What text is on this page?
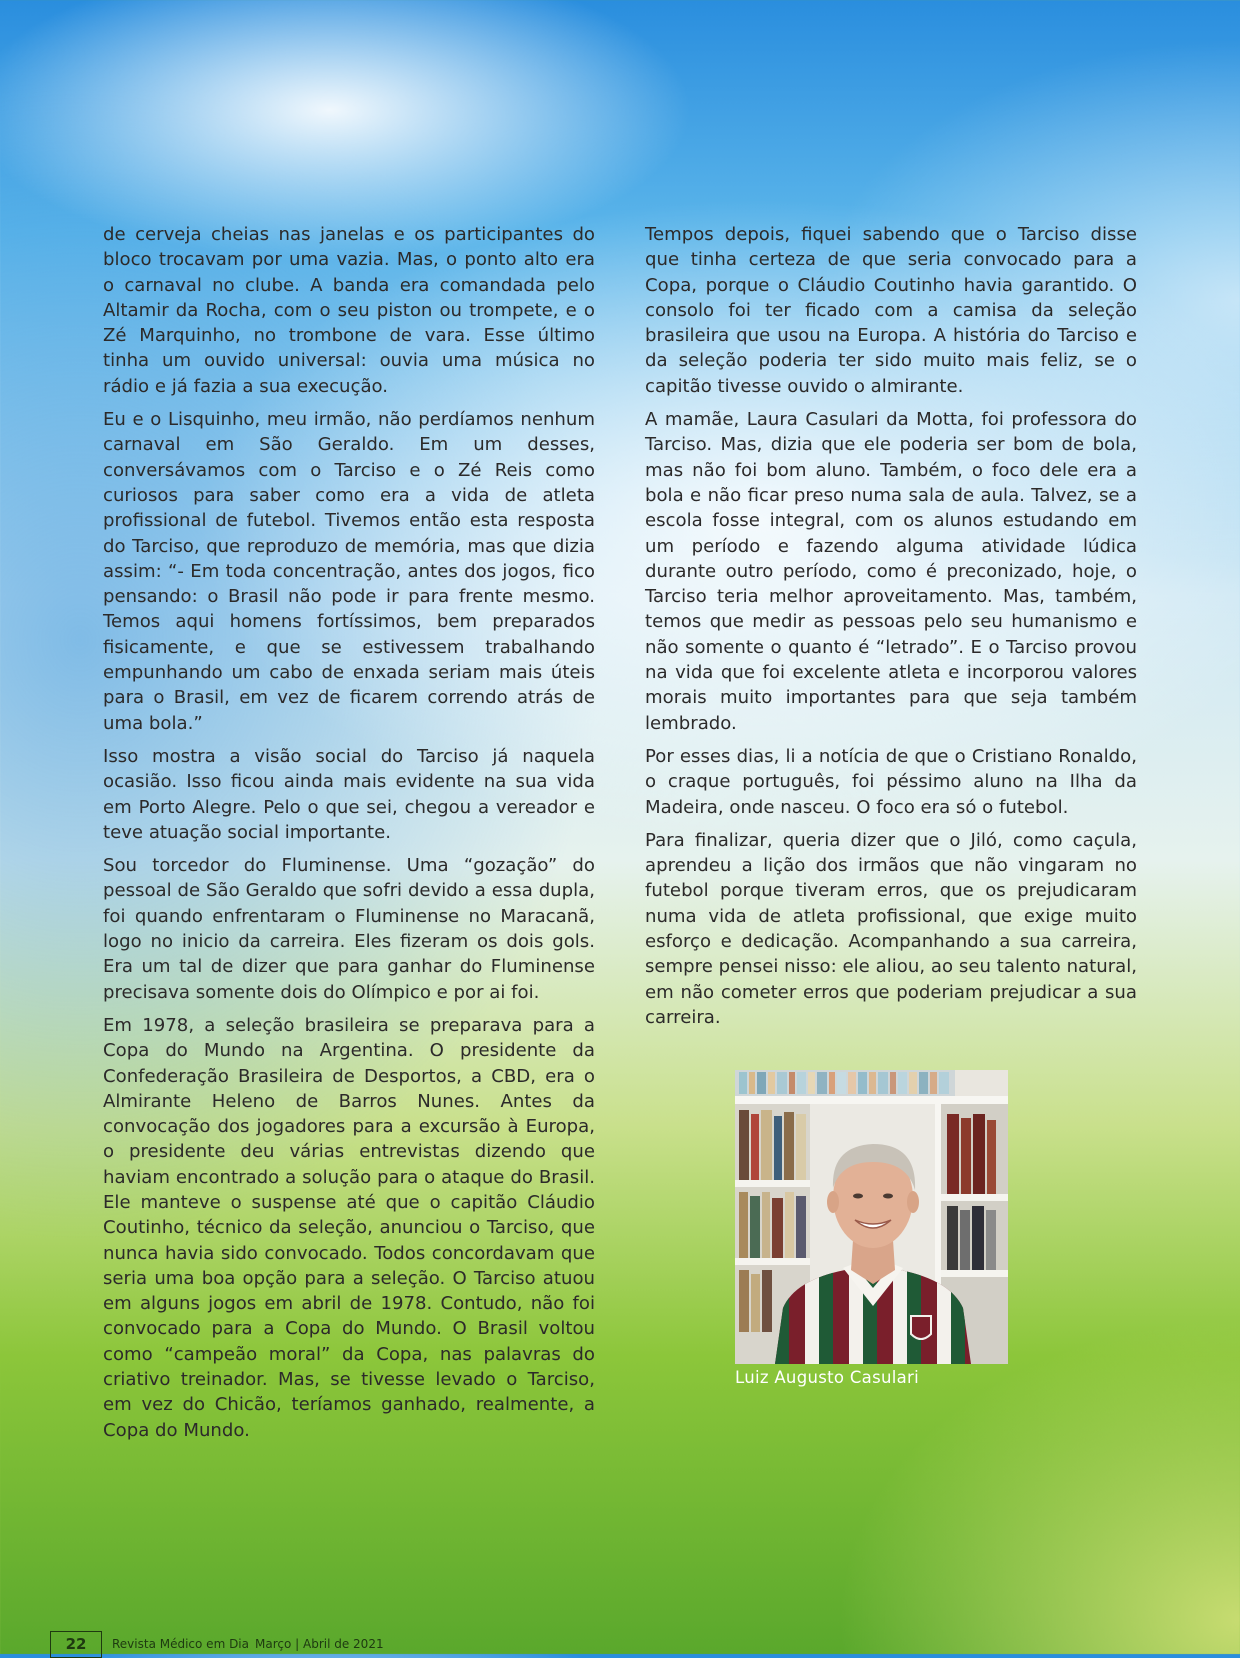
de cerveja cheias nas janelas e os participantes do bloco trocavam por uma vazia. Mas, o ponto alto era o carnaval no clube. A banda era comandada pelo Altamir da Rocha, com o seu piston ou trompete, e o Zé Marquinho, no trombone de vara. Esse último tinha um ouvido universal: ouvia uma música no rádio e já fazia a sua execução.

Eu e o Lisquinho, meu irmão, não perdíamos nenhum carnaval em São Geraldo. Em um desses, conversávamos com o Tarciso e o Zé Reis como curiosos para saber como era a vida de atleta profissional de futebol. Tivemos então esta resposta do Tarciso, que reproduzo de memória, mas que dizia assim: “- Em toda concentração, antes dos jogos, fico pensando: o Brasil não pode ir para frente mesmo. Temos aqui homens fortíssimos, bem preparados fisicamente, e que se estivessem trabalhando empunhando um cabo de enxada seriam mais úteis para o Brasil, em vez de ficarem correndo atrás de uma bola.”

Isso mostra a visão social do Tarciso já naquela ocasião. Isso ficou ainda mais evidente na sua vida em Porto Alegre. Pelo o que sei, chegou a vereador e teve atuação social importante.

Sou torcedor do Fluminense. Uma “gozação” do pessoal de São Geraldo que sofri devido a essa dupla, foi quando enfrentaram o Fluminense no Maracanã, logo no inicio da carreira. Eles fizeram os dois gols. Era um tal de dizer que para ganhar do Fluminense precisava somente dois do Olímpico e por ai foi.

Em 1978, a seleção brasileira se preparava para a Copa do Mundo na Argentina. O presidente da Confederação Brasileira de Desportos, a CBD, era o Almirante Heleno de Barros Nunes. Antes da convocação dos jogadores para a excursão à Europa, o presidente deu várias entrevistas dizendo que haviam encontrado a solução para o ataque do Brasil. Ele manteve o suspense até que o capitão Cláudio Coutinho, técnico da seleção, anunciou o Tarciso, que nunca havia sido convocado. Todos concordavam que seria uma boa opção para a seleção. O Tarciso atuou em alguns jogos em abril de 1978. Contudo, não foi convocado para a Copa do Mundo. O Brasil voltou como “campeão moral” da Copa, nas palavras do criativo treinador. Mas, se tivesse levado o Tarciso, em vez do Chicão, teríamos ganhado, realmente, a Copa do Mundo.

Tempos depois, fiquei sabendo que o Tarciso disse que tinha certeza de que seria convocado para a Copa, porque o Cláudio Coutinho havia garantido. O consolo foi ter ficado com a camisa da seleção brasileira que usou na Europa. A história do Tarciso e da seleção poderia ter sido muito mais feliz, se o capitão tivesse ouvido o almirante.

A mamãe, Laura Casulari da Motta, foi professora do Tarciso. Mas, dizia que ele poderia ser bom de bola, mas não foi bom aluno. Também, o foco dele era a bola e não ficar preso numa sala de aula. Talvez, se a escola fosse integral, com os alunos estudando em um período e fazendo alguma atividade lúdica durante outro período, como é preconizado, hoje, o Tarciso teria melhor aproveitamento. Mas, também, temos que medir as pessoas pelo seu humanismo e não somente o quanto é “letrado”. E o Tarciso provou na vida que foi excelente atleta e incorporou valores morais muito importantes para que seja também lembrado.

Por esses dias, li a notícia de que o Cristiano Ronaldo, o craque português, foi péssimo aluno na Ilha da Madeira, onde nasceu. O foco era só o futebol.

Para finalizar, queria dizer que o Jiló, como caçula, aprendeu a lição dos irmãos que não vingaram no futebol porque tiveram erros, que os prejudicaram numa vida de atleta profissional, que exige muito esforço e dedicação. Acompanhando a sua carreira, sempre pensei nisso: ele aliou, ao seu talento natural, em não cometer erros que poderiam prejudicar a sua carreira.

Luiz Augusto Casulari
22	Revista Médico em Dia Março | Abril de 2021
